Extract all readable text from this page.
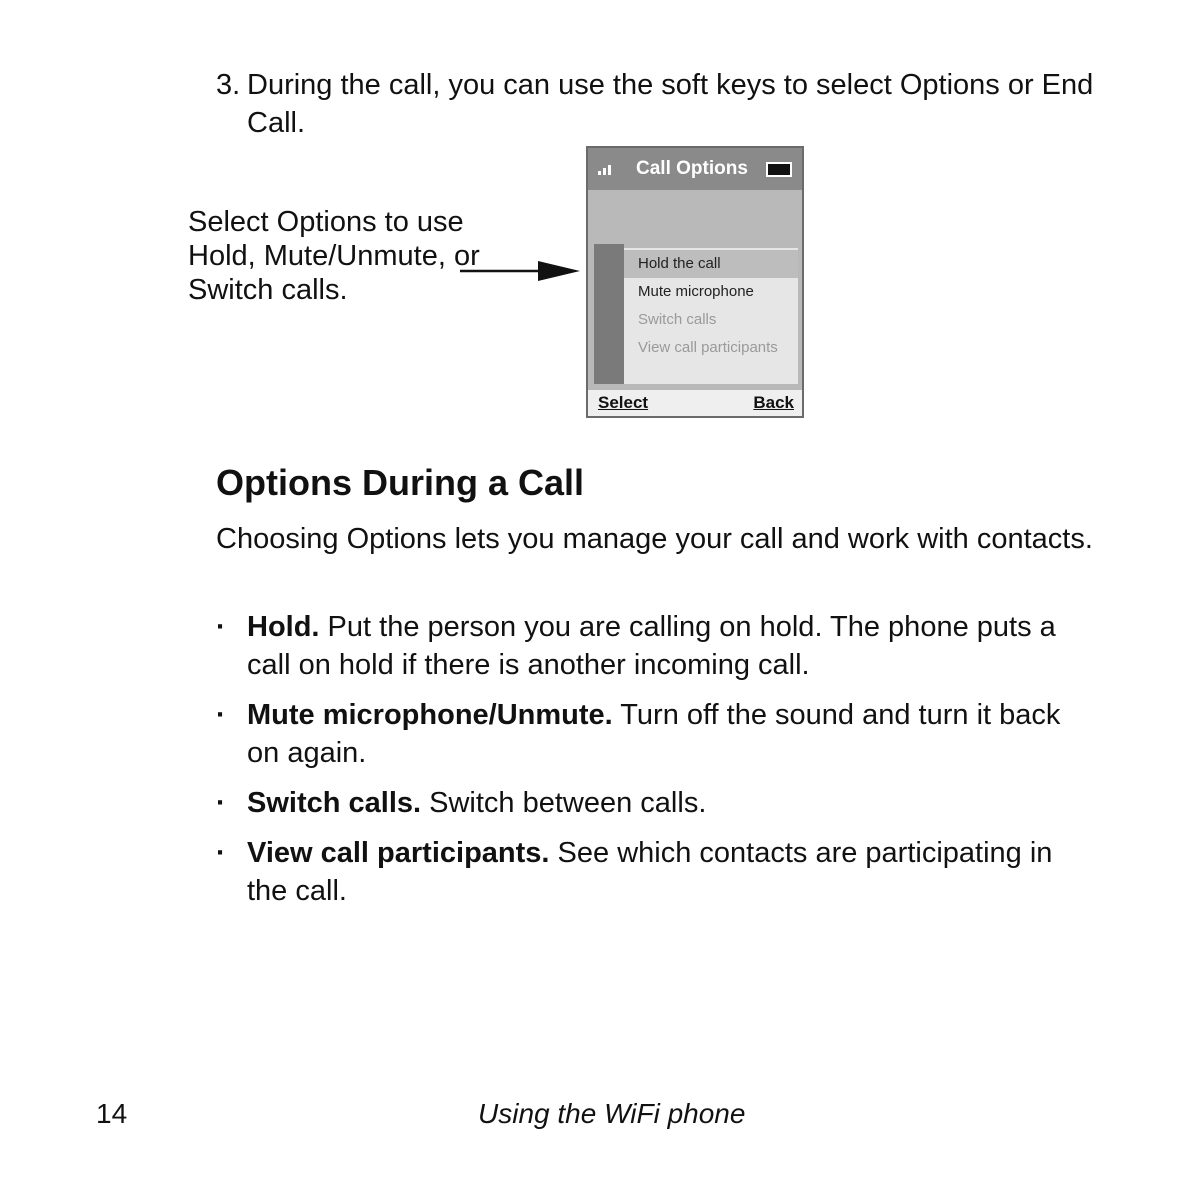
3. During the call, you can use the soft keys to select Options or End Call.
Select Options to use Hold, Mute/Unmute, or Switch calls.
Call Options
Hold the call
Mute microphone
Switch calls
View call participants
Select	Back
Options During a Call

Choosing Options lets you manage your call and work with contacts.

· Hold. Put the person you are calling on hold. The phone puts a call on hold if there is another incoming call.
· Mute microphone/Unmute. Turn off the sound and turn it back on again.
· Switch calls. Switch between calls.
· View call participants. See which contacts are participating in the call.
14	Using the WiFi phone
